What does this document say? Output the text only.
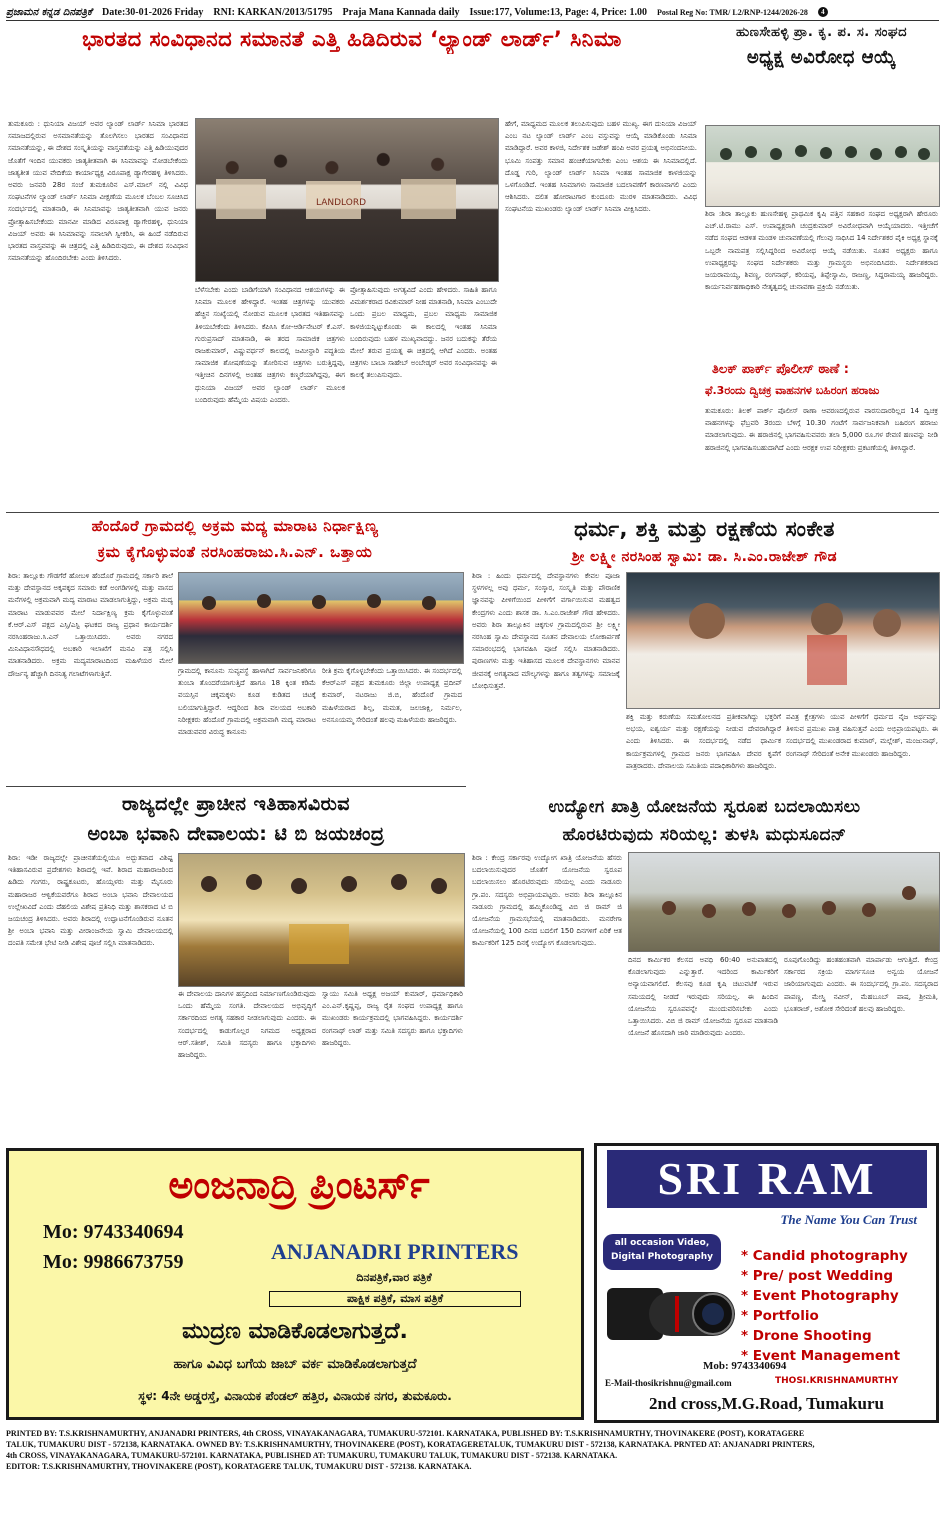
ಪ್ರಜಾಮನ ಕನ್ನಡ ದಿನಪತ್ರಿಕೆ Date:30-01-2026 Friday RNI: KARKAN/2013/51795 Praja Mana Kannada daily Issue:177, Volume:13, Page: 4, Price: 1.00 Postal Reg No: TMR/ L2/RNP-1244/2026-28	4
ಭಾರತದ ಸಂವಿಧಾನದ ಸಮಾನತೆ ಎತ್ತಿ ಹಿಡಿದಿರುವ ‘ಲ್ಯಾಂಡ್ ಲಾರ್ಡ್’ ಸಿನಿಮಾ
ತುಮಕೂರು : ಧುನಿಯಾ ವಿಜಯ್ ಅವರ ಲ್ಯಾಂಡ್ ಲಾರ್ಡ್ ಸಿನಿಮಾ ಭಾರತದ ಸಮಾಜದಲ್ಲಿರುವ ಅಸಮಾನತೆಯನ್ನು ತೊಲಗಿಸಲು ಭಾರತದ ಸಂವಿಧಾನದ ಸಮಾನತೆಯನ್ನು, ಈ ದೇಶದ ಸಂಸ್ಕೃತಿಯನ್ನು ವಾಸ್ತವತೆಯನ್ನು ಎತ್ತಿ ಹಿಡಿಯುವುದರ ಜೊತೆಗೆ ಇಂದಿನ ಯುವಕರು ಜಾತ್ಯತೀತವಾಗಿ ಈ ಸಿನಿಮಾವನ್ನು ನೋಡಬೇಕೆಂದು ಜಾತ್ಯತೀತ ಯುವ ವೇದಿಕೆಯ ಕಾರ್ಯಾಧ್ಯಕ್ಷ ವಿರೂಪಾಕ್ಷ ಡ್ಯಾಗೇರಹಳ್ಳಿ ತಿಳಿಸಿದರು. ಅವರು ಜನವರಿ 28ರ ಸಂಜೆ ತುಮಕೂರಿನ ಎಸ್.ಮಾಲ್ ನಲ್ಲಿ ವಿವಿಧ ಸಂಘಟನೆಗಳ ಲ್ಯಾಂಡ್ ಲಾರ್ಡ್ ಸಿನಿಮಾ ವೀಕ್ಷಣೆಯ ಮೂಲಕ ಬೆಂಬಲ ಸೂಚಿಸಿದ ಸಂದರ್ಭದಲ್ಲಿ ಮಾತನಾಡಿ, ಈ ಸಿನಿಮಾವನ್ನು ಜಾತ್ಯತೀತವಾಗಿ ಯುವ ಜನರು ಪ್ರೋತ್ಸಾಹಿಸಬೇಕೆಂದು ಮಾನವೀ ಮಾಡಿದ ವಿರೂಪಾಕ್ಷ ಡ್ಯಾಗೇರಹಳ್ಳಿ, ಧುನಿಯಾ ವಿಜಯ್ ಅವರು ಈ ಸಿನಿಮಾವನ್ನು ಸವಾಲಾಗಿ ಸ್ವೀಕರಿಸಿ, ಈ ಹಿಂದೆ ನಡೆದಿರುವ ಭಾರತದ ವಾಸ್ತವವನ್ನು ಈ ಚಿತ್ರದಲ್ಲಿ ಎತ್ತಿ ಹಿಡಿದಿರುವುದು, ಈ ದೇಶದ ಸಂವಿಧಾನ ಸಮಾನತೆಯನ್ನು ಹೊಂದಿರಬೇಕು ಎಂದು ತಿಳಿಸಿದರು.
LANDLORD
ಬೆಳೆಸಬೇಕು ಎಂದು ಬಾಡಿಗೆಯಾಗಿ ಸಂವಿಧಾನದ ಆಶಯಗಳನ್ನು ಈ ಸಿನಿಮಾ ಮೂಲಕ ಹೇಳಿದ್ದಾರೆ. ಇಂತಹ ಚಿತ್ರಗಳನ್ನು ಯುವಕರು ಹೆಚ್ಚಿನ ಸಂಖ್ಯೆಯಲ್ಲಿ ನೋಡುವ ಮೂಲಕ ಭಾರತದ ಇತಿಹಾಸವನ್ನು ತಿಳಿಯಬೇಕೆಂದು ತಿಳಿಸಿದರು. ಕೆಪಿಸಿಸಿ ಕೋ-ಆರ್ಡಿನೇಟರ್ ಕೆ.ಎಸ್. ಗುರುಪ್ರಸಾದ್ ಮಾತನಾಡಿ, ಈ ತರದ ಸಾಮಾಜಿಕ ಚಿತ್ರಗಳು ರಾಜಕುಮಾರ್, ವಿಷ್ಣುವರ್ಧನ್ ಕಾಲದಲ್ಲಿ ಜಮೀನ್ದಾರಿ ಪದ್ಧತಿಯ ಸಾಮಾಜಿಕ ಶೋಷಣೆಯನ್ನು ತೋರಿಸುವ ಚಿತ್ರಗಳು ಬರುತ್ತಿದ್ದವು, ಇತ್ತೀಚಿನ ದಿನಗಳಲ್ಲಿ ಅಂತಹ ಚಿತ್ರಗಳು ಕಣ್ಮರೆಯಾಗಿದ್ದವು, ಈಗ ಧುನಿಯಾ ವಿಜಯ್ ಅವರ ಲ್ಯಾಂಡ್ ಲಾರ್ಡ್ ಮೂಲಕ ಬಂದಿರುವುದು ಹೆಮ್ಮೆಯ ವಿಷಯ ಎಂದರು.
ಪ್ರೋತ್ಸಾಹಿಸುವುದು ಅಗತ್ಯವಿದೆ ಎಂದು ಹೇಳಿದರು. ಸಾಹಿತಿ ಹಾಗೂ ವಿಮರ್ಶಕರಾದ ರವಿಕುಮಾರ್ ನೀಹ ಮಾತನಾಡಿ, ಸಿನಿಮಾ ಎಂಬುದೇ ಒಂದು ಪ್ರಬಲ ಮಾಧ್ಯಮ, ಪ್ರಬಲ ಮಾಧ್ಯಮ ಸಾಮಾಜಿಕ ಕಾಳಜಿಯನ್ನಿಟ್ಟುಕೊಂಡು ಈ ಕಾಲದಲ್ಲಿ ಇಂತಹ ಸಿನಿಮಾ ಬಂದಿರುವುದು ಬಹಳ ಮುಖ್ಯವಾದದ್ದು. ಜನರ ಬದುಕನ್ನು ತೆರೆಯ ಮೇಲೆ ತರುವ ಪ್ರಯತ್ನ ಈ ಚಿತ್ರದಲ್ಲಿ ಆಗಿದೆ ಎಂದರು. ಅಂತಹ ಚಿತ್ರಗಳು ಬಾಬಾ ಸಾಹೇಬ್ ಅಂಬೇಡ್ಕರ್ ಅವರ ಸಂವಿಧಾನವನ್ನು ಈ ಕಾಲಕ್ಕೆ ತಲುಪಿಸುವುದು.
ಹೇಗೆ, ಮಾಧ್ಯಮದ ಮೂಲಕ ತಲುಪಿಸುವುದು ಬಹಳ ಮುಖ್ಯ. ಈಗ ದುನಿಯಾ ವಿಜಯ್ ಎಂಬ ನಟ ಲ್ಯಾಂಡ್ ಲಾರ್ಡ್ ಎಂಬ ವಸ್ತುವನ್ನು ಆಯ್ಕೆ ಮಾಡಿಕೊಂಡು ಸಿನಿಮಾ ಮಾಡಿದ್ದಾರೆ. ಅವರ ಕಾಳಜಿ, ನಿರ್ದೇಶಕ ಜಡೇಶ್ ಹಂಪಿ ಅವರ ಪ್ರಯತ್ನ ಅಭಿನಂದನೀಯ. ಭೂಮಿ ಸಂಪತ್ತು ಸಮಾನ ಹಂಚಿಕೆಯಾಗಬೇಕು ಎಂಬ ಆಶಯ ಈ ಸಿನಿಮಾದಲ್ಲಿದೆ. ದೊಡ್ಡ ಗುರಿ, ಲ್ಯಾಂಡ್ ಲಾರ್ಡ್ ಸಿನಿಮಾ ಇಂತಹ ಸಾಮಾಜಿಕ ಕಾಳಜಿಯನ್ನು ಒಳಗೊಂಡಿದೆ. ಇಂತಹ ಸಿನಿಮಾಗಳು ಸಾಮಾಜಿಕ ಬದಲಾವಣೆಗೆ ಕಾರಣವಾಗಲಿ ಎಂದು ಆಶಿಸಿದರು. ದಲಿತ ಹೋರಾಟಗಾರ ಕುಂದೂರು ಮುರಳಿ ಮಾತನಾಡಿದರು. ವಿವಿಧ ಸಂಘಟನೆಯ ಮುಖಂಡರು ಲ್ಯಾಂಡ್ ಲಾರ್ಡ್ ಸಿನಿಮಾ ವೀಕ್ಷಿಸಿದರು.
ಹುಣಸೇಹಳ್ಳಿ ಪ್ರಾ. ಕೃ. ಪ. ಸ. ಸಂಘದ
ಅಧ್ಯಕ್ಷ ಅವಿರೋಧ ಆಯ್ಕೆ
ಶಿರಾ :ಶಿರಾ ತಾಲ್ಲೂಕು ಹುಣಸೇಹಳ್ಳಿ ಪ್ರಾಥಮಿಕ ಕೃಷಿ ಪತ್ತಿನ ಸಹಕಾರ ಸಂಘದ ಅಧ್ಯಕ್ಷರಾಗಿ ಹೇರೂರು ಎಚ್.ಟಿ.ರಾಮು ಎಸ್. ಉಪಾಧ್ಯಕ್ಷರಾಗಿ ಚಂದ್ರಕುಮಾರ್ ಅವಿರೋಧವಾಗಿ ಆಯ್ಕೆಯಾದರು. ಇತ್ತೀಚೆಗೆ ನಡೆದ ಸಂಘದ ಆಡಳಿತ ಮಂಡಳಿ ಚುನಾವಣೆಯಲ್ಲಿ ಗೆಲುವು ಸಾಧಿಸಿದ 14 ನಿರ್ದೇಶಕರ ಪೈಕಿ ಅಧ್ಯಕ್ಷ ಸ್ಥಾನಕ್ಕೆ ಒಬ್ಬರೇ ನಾಮಪತ್ರ ಸಲ್ಲಿಸಿದ್ದರಿಂದ ಅವಿರೋಧ ಆಯ್ಕೆ ನಡೆಯಿತು. ನೂತನ ಅಧ್ಯಕ್ಷರು ಹಾಗೂ ಉಪಾಧ್ಯಕ್ಷರನ್ನು ಸಂಘದ ನಿರ್ದೇಶಕರು ಮತ್ತು ಗ್ರಾಮಸ್ಥರು ಅಭಿನಂದಿಸಿದರು. ನಿರ್ದೇಶಕರಾದ ಜಯರಾಮಯ್ಯ, ಶಿವಣ್ಣ, ರಂಗನಾಥ್, ಕರಿಯಪ್ಪ, ತಿಪ್ಪೇಸ್ವಾಮಿ, ರಾಜಣ್ಣ, ಸಿದ್ದರಾಮಯ್ಯ ಹಾಜರಿದ್ದರು. ಕಾರ್ಯನಿರ್ವಹಣಾಧಿಕಾರಿ ನೇತೃತ್ವದಲ್ಲಿ ಚುನಾವಣಾ ಪ್ರಕ್ರಿಯೆ ನಡೆಯಿತು.
ತಿಲಕ್ ಪಾರ್ಕ್ ಪೊಲೀಸ್ ಠಾಣೆ :
ಫೆ.3ರಂದು ದ್ವಿಚಕ್ರ ವಾಹನಗಳ ಬಹಿರಂಗ ಹರಾಜು
ತುಮಕೂರು: ತಿಲಕ್ ಪಾರ್ಕ್ ಪೊಲೀಸ್ ಠಾಣಾ ಆವರಣದಲ್ಲಿರುವ ವಾರಸುದಾರರಿಲ್ಲದ 14 ದ್ವಿಚಕ್ರ ವಾಹನಗಳನ್ನು ಫೆಬ್ರವರಿ 3ರಂದು ಬೆಳಿಗ್ಗೆ 10.30 ಗಂಟೆಗೆ ಸಾರ್ವಜನಿಕವಾಗಿ ಬಹಿರಂಗ ಹರಾಜು ಮಾಡಲಾಗುವುದು. ಈ ಹರಾಜಿನಲ್ಲಿ ಭಾಗವಹಿಸುವವರು ತಲಾ 5,000 ರೂ.ಗಳ ಠೇವಣಿ ಹಣವನ್ನು ನೀಡಿ ಹರಾಜಿನಲ್ಲಿ ಭಾಗವಹಿಸಬಹುದಾಗಿದೆ ಎಂದು ಆರಕ್ಷಕ ಉಪ ನಿರೀಕ್ಷಕರು ಪ್ರಕಟಣೆಯಲ್ಲಿ ತಿಳಿಸಿದ್ದಾರೆ.
ಹೆಂದೊರೆ ಗ್ರಾಮದಲ್ಲಿ ಅಕ್ರಮ ಮದ್ಯ ಮಾರಾಟ ನಿರ್ಧಾಕ್ಷಿಣ್ಯ
ಕ್ರಮ ಕೈಗೊಳ್ಳುವಂತೆ ನರಸಿಂಹರಾಜು.ಸಿ.ಎನ್. ಒತ್ತಾಯ
ಶಿರಾ: ತಾಲ್ಲೂಕು ಗೌಡಗೆರೆ ಹೋಬಳಿ ಹೆಂದೊರೆ ಗ್ರಾಮದಲ್ಲಿ ಸರ್ಕಾರಿ ಶಾಲೆ ಮತ್ತು ದೇವಸ್ಥಾನದ ಅಕ್ಕಪಕ್ಕದ ಸಮಾರು ಕಡೆ ಅಂಗಡಿಗಳಲ್ಲಿ ಮತ್ತು ವಾಸದ ಮನೆಗಳಲ್ಲಿ ಅಕ್ರಮವಾಗಿ ಮದ್ಯ ಮಾರಾಟ ಮಾಡಲಾಗುತ್ತಿದ್ದು, ಅಕ್ರಮ ಮದ್ಯ ಮಾರಾಟ ಮಾಡುವವರ ಮೇಲೆ ನಿರ್ದಾಕ್ಷಿಣ್ಯ ಕ್ರಮ ಕೈಗೊಳ್ಳುವಂತೆ ಕೆ.ಆರ್.ಎಸ್ ಪಕ್ಷದ ಎಸ್ಸಿ/ಎಸ್ಟಿ ಘಟಕದ ರಾಜ್ಯ ಪ್ರಧಾನ ಕಾರ್ಯದರ್ಶಿ ನರಸಿಂಹರಾಜು.ಸಿ.ಎನ್ ಒತ್ತಾಯಿಸಿದರು. ಅವರು ನಗರದ ಮಿನಿವಿಧಾನಸೌಧದಲ್ಲಿ ಅಬಕಾರಿ ಇಲಾಖೆಗೆ ಮನವಿ ಪತ್ರ ಸಲ್ಲಿಸಿ ಮಾತನಾಡಿದರು. ಅಕ್ರಮ ಮದ್ಯಮಾರಾಟದಿಂದ ಮಹಿಳೆಯರ ಮೇಲೆ ದೌರ್ಜನ್ಯ ಹೆಚ್ಚಾಗಿ ದಿನನಿತ್ಯ ಗಲಾಟೆಗಳಾಗುತ್ತಿವೆ.	ಗ್ರಾಮದಲ್ಲಿ ಕಾನೂನು ಸುವ್ಯವಸ್ಥೆ ಹಾಳಾಗಿದೆ ಸಾರ್ವಜನಿಕರಿಗೂ ತುಂಬಾ ತೊಂದರೆಯಾಗುತ್ತಿದೆ ಹಾಗೂ 18 ಕ್ಕಿಂತ ಕಡಿಮೆ ವಯಸ್ಸಿನ ಚಿಕ್ಕಮಕ್ಕಳು ಕೂಡ ಕುಡಿತದ ಚಟಕ್ಕೆ ಬಲಿಯಾಗುತ್ತಿದ್ದಾರೆ. ಆದ್ದರಿಂದ ಶಿರಾ ವಲಯದ ಅಬಕಾರಿ ನಿರೀಕ್ಷಕರು ಹೆಂದೊರೆ ಗ್ರಾಮದಲ್ಲಿ ಅಕ್ರಮವಾಗಿ ಮದ್ಯ ಮಾರಾಟ ಮಾಡುವವರ ವಿರುದ್ಧ ಕಾನೂನು
ರೀತಿ ಕ್ರಮ ಕೈಗೊಳ್ಳಬೇಕೆಂದು ಒತ್ತಾಯಿಸಿದರು. ಈ ಸಂದರ್ಭದಲ್ಲಿ ಕೆಆರ್‌ಎಸ್ ಪಕ್ಷದ ತುಮಕೂರು ಜಿಲ್ಲಾ ಉಪಾಧ್ಯಕ್ಷ ಪ್ರದೀಪ್ ಕುಮಾರ್, ನಟರಾಜು ಜಿ.ಬಿ, ಹೆಂದೊರೆ ಗ್ರಾಮದ ಮಹಿಳೆಯರಾದ ಶಿಲ್ಪ, ಮಮತ, ಜಲಜಾಕ್ಷಿ, ನಿರ್ಮಲ, ಅನಸೂಯಮ್ಮ ಸೇರಿದಂತೆ ಹಲವು ಮಹಿಳೆಯರು ಹಾಜರಿದ್ದರು.
ಧರ್ಮ, ಶಕ್ತಿ ಮತ್ತು ರಕ್ಷಣೆಯ ಸಂಕೇತ
ಶ್ರೀ ಲಕ್ಷ್ಮೀ ನರಸಿಂಹ ಸ್ವಾಮಿ: ಡಾ. ಸಿ.ಎಂ.ರಾಜೇಶ್ ಗೌಡ
ಶಿರಾ : ಹಿಂದು ಧರ್ಮದಲ್ಲಿ ದೇವಸ್ಥಾನಗಳು ಕೇವಲ ಪೂಜಾ ಸ್ಥಳಗಳಲ್ಲ ಅವು ಧರ್ಮ, ಸಂಸ್ಕಾರ, ಸಂಸ್ಕೃತಿ ಮತ್ತು ಪೌರಾಣಿಕ ಜ್ಞಾನವನ್ನು ಪೀಳಿಗೆಯಿಂದ ಪೀಳಿಗೆಗೆ ವರ್ಗಾಯಿಸುವ ಮಹತ್ವದ ಕೇಂದ್ರಗಳು ಎಂದು ಶಾಸಕ ಡಾ. ಸಿ.ಎಂ.ರಾಜೇಶ್ ಗೌಡ ಹೇಳಿದರು. ಅವರು ಶಿರಾ ತಾಲ್ಲೂಕಿನ ಚಿಕ್ಕಗುಳ ಗ್ರಾಮದಲ್ಲಿರುವ ಶ್ರೀ ಲಕ್ಷ್ಮೀ ನರಸಿಂಹ ಸ್ವಾಮಿ ದೇವಸ್ಥಾನದ ನೂತನ ದೇವಾಲಯ ಲೋಕಾರ್ಪಣೆ ಸಮಾರಂಭದಲ್ಲಿ ಭಾಗವಹಿಸಿ ಪೂಜೆ ಸಲ್ಲಿಸಿ ಮಾತನಾಡಿದರು. ಪುರಾಣಗಳು ಮತ್ತು ಇತಿಹಾಸದ ಮೂಲಕ ದೇವಸ್ಥಾನಗಳು ಮಾನವ ಜೀವನಕ್ಕೆ ಅಗತ್ಯವಾದ ಮೌಲ್ಯಗಳನ್ನು ಹಾಗೂ ತತ್ವಗಳನ್ನು ಸಮಾಜಕ್ಕೆ ಬೋಧಿಸುತ್ತವೆ.
ಶಕ್ತಿ ಮತ್ತು ಕರುಣೆಯ ಸಮತೋಲನದ ಪ್ರತೀಕವಾಗಿದ್ದು ಭಕ್ತರಿಗೆ ಅಭಯ, ಐಶ್ವರ್ಯ ಮತ್ತು ರಕ್ಷಣೆಯನ್ನು ನೀಡುವ ದೇವರಾಗಿದ್ದಾರೆ ಎಂದು ತಿಳಿಸಿದರು. ಈ ಸಂದರ್ಭದಲ್ಲಿ ನಡೆದ ಧಾರ್ಮಿಕ ಕಾರ್ಯಕ್ರಮಗಳಲ್ಲಿ ಗ್ರಾಮದ ಜನರು ಭಾಗವಹಿಸಿ ದೇವರ ಕೃಪೆಗೆ ಪಾತ್ರರಾದರು. ದೇವಾಲಯ ಸಮಿತಿಯ ಪದಾಧಿಕಾರಿಗಳು ಹಾಜರಿದ್ದರು.
ಪವಿತ್ರ ಕ್ಷೇತ್ರಗಳು ಯುವ ಪೀಳಿಗೆಗೆ ಧರ್ಮದ ನೈಜ ಅರ್ಥವನ್ನು ತಿಳಿಸುವ ಪ್ರಮುಖ ಪಾತ್ರ ವಹಿಸುತ್ತವೆ ಎಂದು ಅಭಿಪ್ರಾಯಪಟ್ಟರು. ಈ ಸಂದರ್ಭದಲ್ಲಿ ಮುಖಂಡರಾದ ಕುಮಾರ್, ಮಲ್ಲೇಶ್, ಮಂಜುನಾಥ್, ರಂಗನಾಥ್ ಸೇರಿದಂತೆ ಅನೇಕ ಮುಖಂಡರು ಹಾಜರಿದ್ದರು.
ರಾಜ್ಯದಲ್ಲೇ ಪ್ರಾಚೀನ ಇತಿಹಾಸವಿರುವ
ಅಂಬಾ ಭವಾನಿ ದೇವಾಲಯ: ಟಿ ಬಿ ಜಯಚಂದ್ರ
ಶಿರಾ: ಇಡೀ ರಾಜ್ಯದಲ್ಲೇ ಪ್ರಾಚೀನತೆಯಲ್ಲಿಯೂ ಅದ್ಭುತವಾದ ವಿಶಿಷ್ಟ ಇತಿಹಾಸವಿರುವ ಪ್ರದೇಶಗಳು ಶಿರಾದಲ್ಲಿ ಇವೆ. ಶಿರಾದ ಮಹಾರಾಜರಿಂದ ಹಿಡಿದು ಗಂಗರು, ರಾಷ್ಟ್ರಕೂಟರು, ಹೊಯ್ಸಳರು ಮತ್ತು ಮೈಸೂರು ಮಹಾರಾಜರ ಆಳ್ವಿಕೆಯವರೆಗೂ ಶಿರಾದ ಅಂಬಾ ಭವಾನಿ ದೇವಾಲಯದ ಉಲ್ಲೇಖವಿದೆ ಎಂದು ದೆಹಲಿಯ ವಿಶೇಷ ಪ್ರತಿನಿಧಿ ಮತ್ತು ಶಾಸಕರಾದ ಟಿ ಬಿ ಜಯಚಂದ್ರ ತಿಳಿಸಿದರು. ಅವರು ಶಿರಾದಲ್ಲಿ ಉದ್ಘಾಟನೆಗೊಂಡಿರುವ ನೂತನ ಶ್ರೀ ಅಂಬಾ ಭವಾನಿ ಮತ್ತು ವೀರಾಂಜನೇಯ ಸ್ವಾಮಿ ದೇವಾಲಯದಲ್ಲಿ ದಂಪತಿ ಸಮೇತ ಭೇಟಿ ನೀಡಿ ವಿಶೇಷ ಪೂಜೆ ಸಲ್ಲಿಸಿ ಮಾತನಾಡಿದರು.
ಈ ದೇವಾಲಯ ದಾನಿಗಳ ಹಸ್ತದಿಂದ ನಿರ್ಮಾಣಗೊಂಡಿರುವುದು ಒಂದು ಹೆಮ್ಮೆಯ ಸಂಗತಿ. ದೇವಾಲಯದ ಅಭಿವೃದ್ಧಿಗೆ ಸರ್ಕಾರದಿಂದ ಅಗತ್ಯ ಸಹಕಾರ ನೀಡಲಾಗುವುದು ಎಂದರು. ಈ ಸಂದರ್ಭದಲ್ಲಿ ಕಾಡುಗೊಲ್ಲರ ನಿಗಮದ ಅಧ್ಯಕ್ಷರಾದ ಆರ್.ಸತೀಶ್, ಸಮಿತಿ ಸದಸ್ಯರು ಹಾಗೂ ಭಕ್ತಾದಿಗಳು ಹಾಜರಿದ್ದರು.
ಸ್ವಾಯು ಸಮಿತಿ ಅಧ್ಯಕ್ಷ ಅಜಯ್ ಕುಮಾರ್, ಧರ್ಮಾಧಿಕಾರಿ ಎಂ.ಎನ್.ಕೃಷ್ಣಪ್ಪ, ರಾಜ್ಯ ರೈತ ಸಂಘದ ಉಪಾಧ್ಯಕ್ಷ ಹಾಗೂ ಮುಖಂಡರು ಕಾರ್ಯಕ್ರಮದಲ್ಲಿ ಭಾಗವಹಿಸಿದ್ದರು. ಕಾರ್ಯದರ್ಶಿ ರಂಗನಾಥ್ ಲಾಡ್ ಮತ್ತು ಸಮಿತಿ ಸದಸ್ಯರು ಹಾಗೂ ಭಕ್ತಾದಿಗಳು ಹಾಜರಿದ್ದರು.
ಉದ್ಯೋಗ ಖಾತ್ರಿ ಯೋಜನೆಯ ಸ್ವರೂಪ ಬದಲಾಯಿಸಲು
ಹೊರಟಿರುವುದು ಸರಿಯಲ್ಲ: ತುಳಸಿ ಮಧುಸೂದನ್
ಶಿರಾ : ಕೇಂದ್ರ ಸರ್ಕಾರವು ಉದ್ಯೋಗ ಖಾತ್ರಿ ಯೋಜನೆಯ ಹೆಸರು ಬದಲಾಯಿಸುವುದರ ಜೊತೆಗೆ ಯೋಜನೆಯ ಸ್ವರೂಪ ಬದಲಾಯಿಸಲು ಹೊರಟಿರುವುದು ಸರಿಯಲ್ಲ ಎಂದು ನಾಡೂರು ಗ್ರಾ.ಪಂ. ಸದಸ್ಯರು ಅಭಿಪ್ರಾಯಪಟ್ಟರು. ಅವರು ಶಿರಾ ತಾಲ್ಲೂಕಿನ ನಾಡೂರು ಗ್ರಾಮದಲ್ಲಿ ಹಮ್ಮಿಕೊಂಡಿದ್ದ ವಿಬಿ ಜಿ ರಾಮ್ ಜಿ ಯೋಜನೆಯ ಗ್ರಾಮಸಭೆಯಲ್ಲಿ ಮಾತನಾಡಿದರು. ಮನರೇಗಾ ಯೋಜನೆಯಲ್ಲಿ 100 ದಿನದ ಬದಲಿಗೆ 150 ದಿನಗಳಿಗೆ ಏರಿಕೆ ಆತ ಕಾರ್ಮಿಕರಿಗೆ 125 ದಿನಕ್ಕೆ ಉದ್ಯೋಗ ಕೊಡಲಾಗುವುದು.
ದಿನದ ಕಾರ್ಮಿಕರ ಕೆಲಸದ ಅವಧಿ 60:40 ಅನುಪಾತದಲ್ಲಿ ಕೊಡಲಾಗುವುದು ಎನ್ನುತ್ತಾರೆ. ಇದರಿಂದ ಕಾರ್ಮಿಕರಿಗೆ ಅನ್ಯಾಯವಾಗಲಿದೆ. ಕೆಲಸವು ಕೂಡ ಕೃಷಿ ಚಟುವಟಿಕೆ ಇರುವ ಸಮಯದಲ್ಲಿ ನೀಡದೆ ಇರುವುದು ಸರಿಯಲ್ಲ. ಈ ಹಿಂದಿನ ಯೋಜನೆಯ ಸ್ವರೂಪವನ್ನೇ ಮುಂದುವರಿಸಬೇಕು ಎಂದು ಒತ್ತಾಯಿಸಿದರು. ವಿಬಿ ಜಿ ರಾಮ್ ಯೋಜನೆಯ ಸ್ವರೂಪ ಮಾತನಾಡಿ ಯೋಜನೆ ಹೊಸದಾಗಿ ಜಾರಿ ಮಾಡಿರುವುದು ಎಂದರು.
ರೂಪುಗೊಂಡಿದ್ದು ಹಂತಹಂತವಾಗಿ ಮಾರ್ಪಾಡು ಆಗುತ್ತಿದೆ. ಕೇಂದ್ರ ಸರ್ಕಾರದ ಸಕ್ರಿಯ ಮಾರ್ಗಸೂಚಿ ಅನ್ವಯ ಯೋಜನೆ ಜಾರಿಯಾಗುವುದು ಎಂದರು. ಈ ಸಂದರ್ಭದಲ್ಲಿ ಗ್ರಾ.ಪಂ. ಸದಸ್ಯರಾದ ಪಾಪಣ್ಣ, ಮೇಸ್ತ್ರಿ ನವೀನ್, ಮೆಹಬೂಬ್ ಪಾಷ, ಶ್ರೀಮತಿ, ಭೂತರಾಜ್, ಅಶೋಕ ಸೇರಿದಂತೆ ಹಲವು ಹಾಜರಿದ್ದರು.
ಅಂಜನಾದ್ರಿ ಪ್ರಿಂಟರ್ಸ್
Mo: 9743340694
Mo: 9986673759	ANJANADRI PRINTERS
ದಿನಪತ್ರಿಕೆ,ವಾರ ಪತ್ರಿಕೆ
ಪಾಕ್ಷಿಕ ಪತ್ರಿಕೆ, ಮಾಸ ಪತ್ರಿಕೆ
ಮುದ್ರಣ ಮಾಡಿಕೊಡಲಾಗುತ್ತದೆ.
ಹಾಗೂ ವಿವಿಧ ಬಗೆಯ ಜಾಬ್ ವರ್ಕ ಮಾಡಿಕೊಡಲಾಗುತ್ತದೆ
ಸ್ಥಳ: 4ನೇ ಅಡ್ಡರಸ್ತೆ, ವಿನಾಯಕ ಪೆಂಡಲ್ ಹತ್ತಿರ, ವಿನಾಯಕ ನಗರ, ತುಮಕೂರು.
SRI RAM
The Name You Can Trust
all occasion Video, Digital Photography	* Candid photography
* Pre/ post Wedding
* Event Photography
* Portfolio
* Drone Shooting
* Event Management
Mob: 9743340694
E-Mail-thosikrishnu@gmail.com	THOSI.KRISHNAMURTHY
2nd cross,M.G.Road, Tumakuru

PRINTED BY: T.S.KRISHNAMURTHY, ANJANADRI PRINTERS, 4th CROSS, VINAYAKANAGARA, TUMAKURU-572101. KARNATAKA, PUBLISHED BY: T.S.KRISHNAMURTHY, THOVINAKERE (POST), KORATAGERE

TALUK, TUMAKURU DIST - 572138, KARNATAKA. OWNED BY: T.S.KRISHNAMURTHY, THOVINAKERE (POST), KORATAGERETALUK, TUMAKURU DIST - 572138, KARNATAKA. PRNTED AT: ANJANADRI PRINTERS,

4th CROSS, VINAYAKANAGARA, TUMAKURU-572101. KARNATAKA, PUBLISHED AT: TUMAKURU, TUMAKURU TALUK, TUMAKURU DIST - 572138. KARNATAKA.

EDITOR: T.S.KRISHNAMURTHY, THOVINAKERE (POST), KORATAGERE TALUK, TUMAKURU DIST - 572138. KARNATAKA.
